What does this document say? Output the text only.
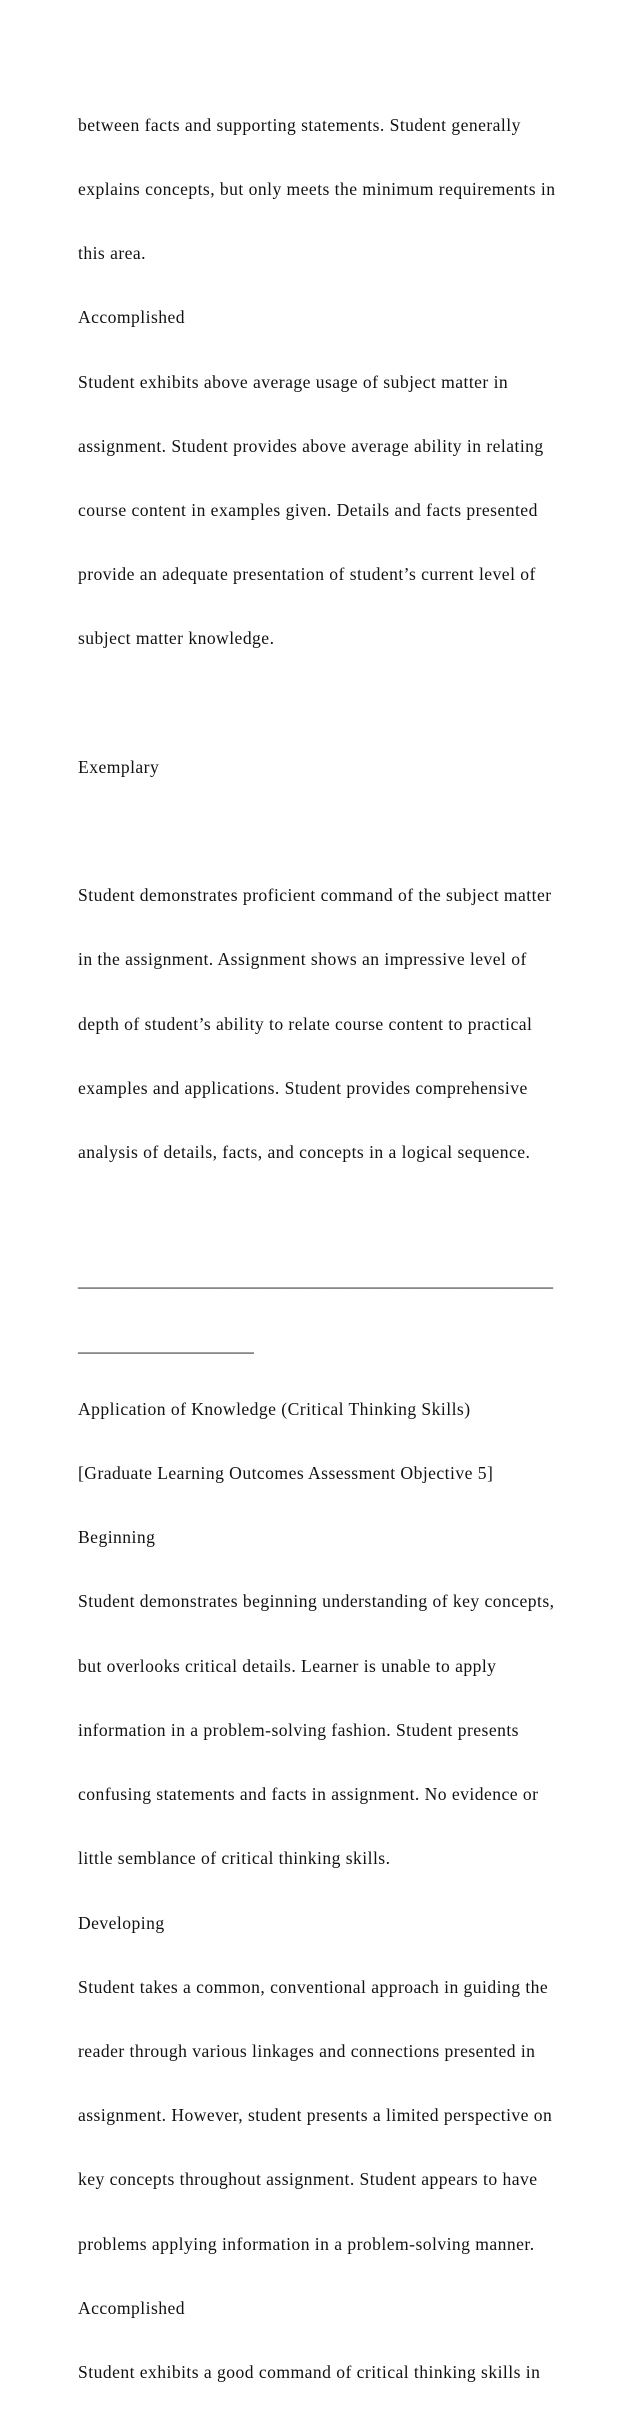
between facts and supporting statements. Student generally

explains concepts, but only meets the minimum requirements in

this area.

Accomplished

Student exhibits above average usage of subject matter in

assignment. Student provides above average ability in relating

course content in examples given. Details and facts presented

provide an adequate presentation of student’s current level of

subject matter knowledge.

Exemplary

Student demonstrates proficient command of the subject matter

in the assignment. Assignment shows an impressive level of

depth of student’s ability to relate course content to practical

examples and applications. Student provides comprehensive

analysis of details, facts, and concepts in a logical sequence.

______________________________________________________

____________________

Application of Knowledge (Critical Thinking Skills)

[Graduate Learning Outcomes Assessment Objective 5]

Beginning

Student demonstrates beginning understanding of key concepts,

but overlooks critical details. Learner is unable to apply

information in a problem-solving fashion. Student presents

confusing statements and facts in assignment. No evidence or

little semblance of critical thinking skills.

Developing

Student takes a common, conventional approach in guiding the

reader through various linkages and connections presented in

assignment. However, student presents a limited perspective on

key concepts throughout assignment. Student appears to have

problems applying information in a problem-solving manner.

Accomplished

Student exhibits a good command of critical thinking skills in
